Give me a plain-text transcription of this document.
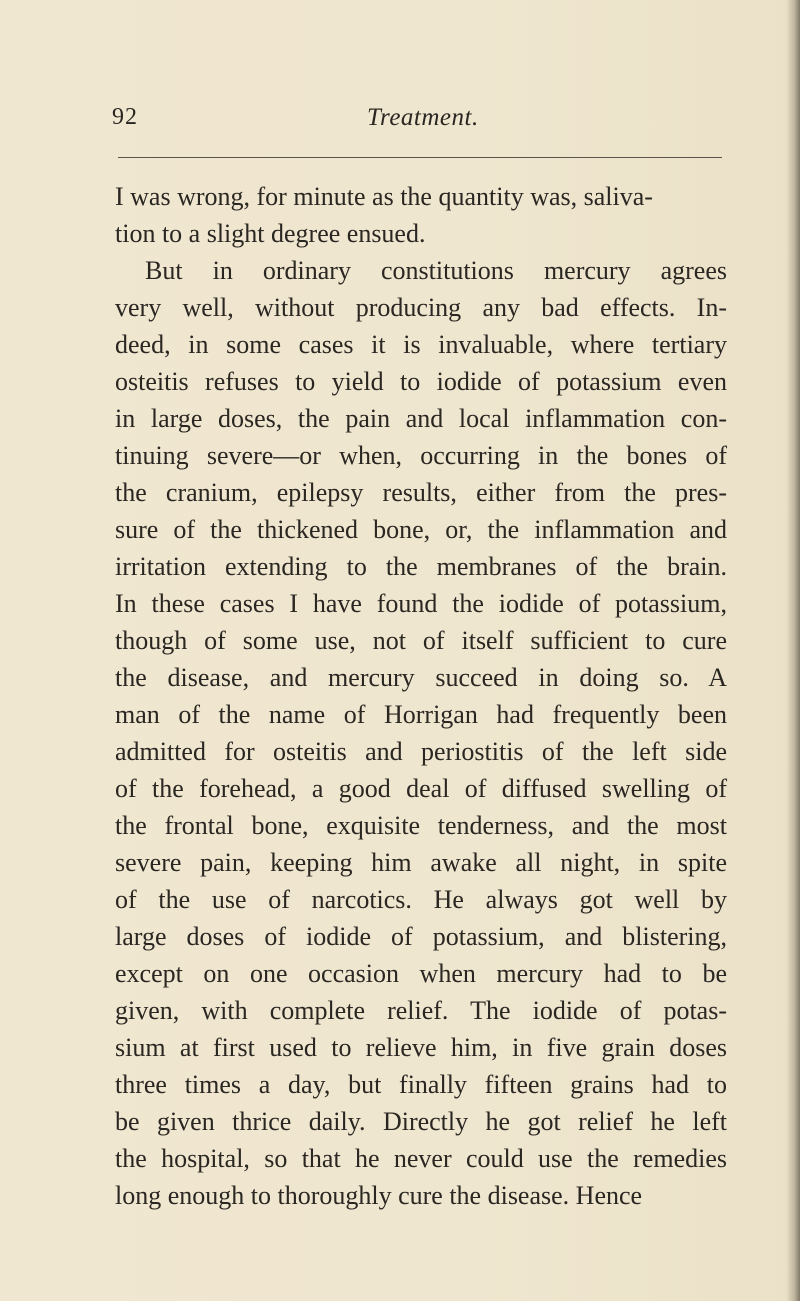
92	Treatment.
I was wrong, for minute as the quantity was, saliva-
tion to a slight degree ensued.
But in ordinary constitutions mercury agrees
very well, without producing any bad effects. In-
deed, in some cases it is invaluable, where tertiary
osteitis refuses to yield to iodide of potassium even
in large doses, the pain and local inflammation con-
tinuing severe—or when, occurring in the bones of
the cranium, epilepsy results, either from the pres-
sure of the thickened bone, or, the inflammation and
irritation extending to the membranes of the brain.
In these cases I have found the iodide of potassium,
though of some use, not of itself sufficient to cure
the disease, and mercury succeed in doing so. A
man of the name of Horrigan had frequently been
admitted for osteitis and periostitis of the left side
of the forehead, a good deal of diffused swelling of
the frontal bone, exquisite tenderness, and the most
severe pain, keeping him awake all night, in spite
of the use of narcotics. He always got well by
large doses of iodide of potassium, and blistering,
except on one occasion when mercury had to be
given, with complete relief. The iodide of potas-
sium at first used to relieve him, in five grain doses
three times a day, but finally fifteen grains had to
be given thrice daily. Directly he got relief he left
the hospital, so that he never could use the remedies
long enough to thoroughly cure the disease. Hence
